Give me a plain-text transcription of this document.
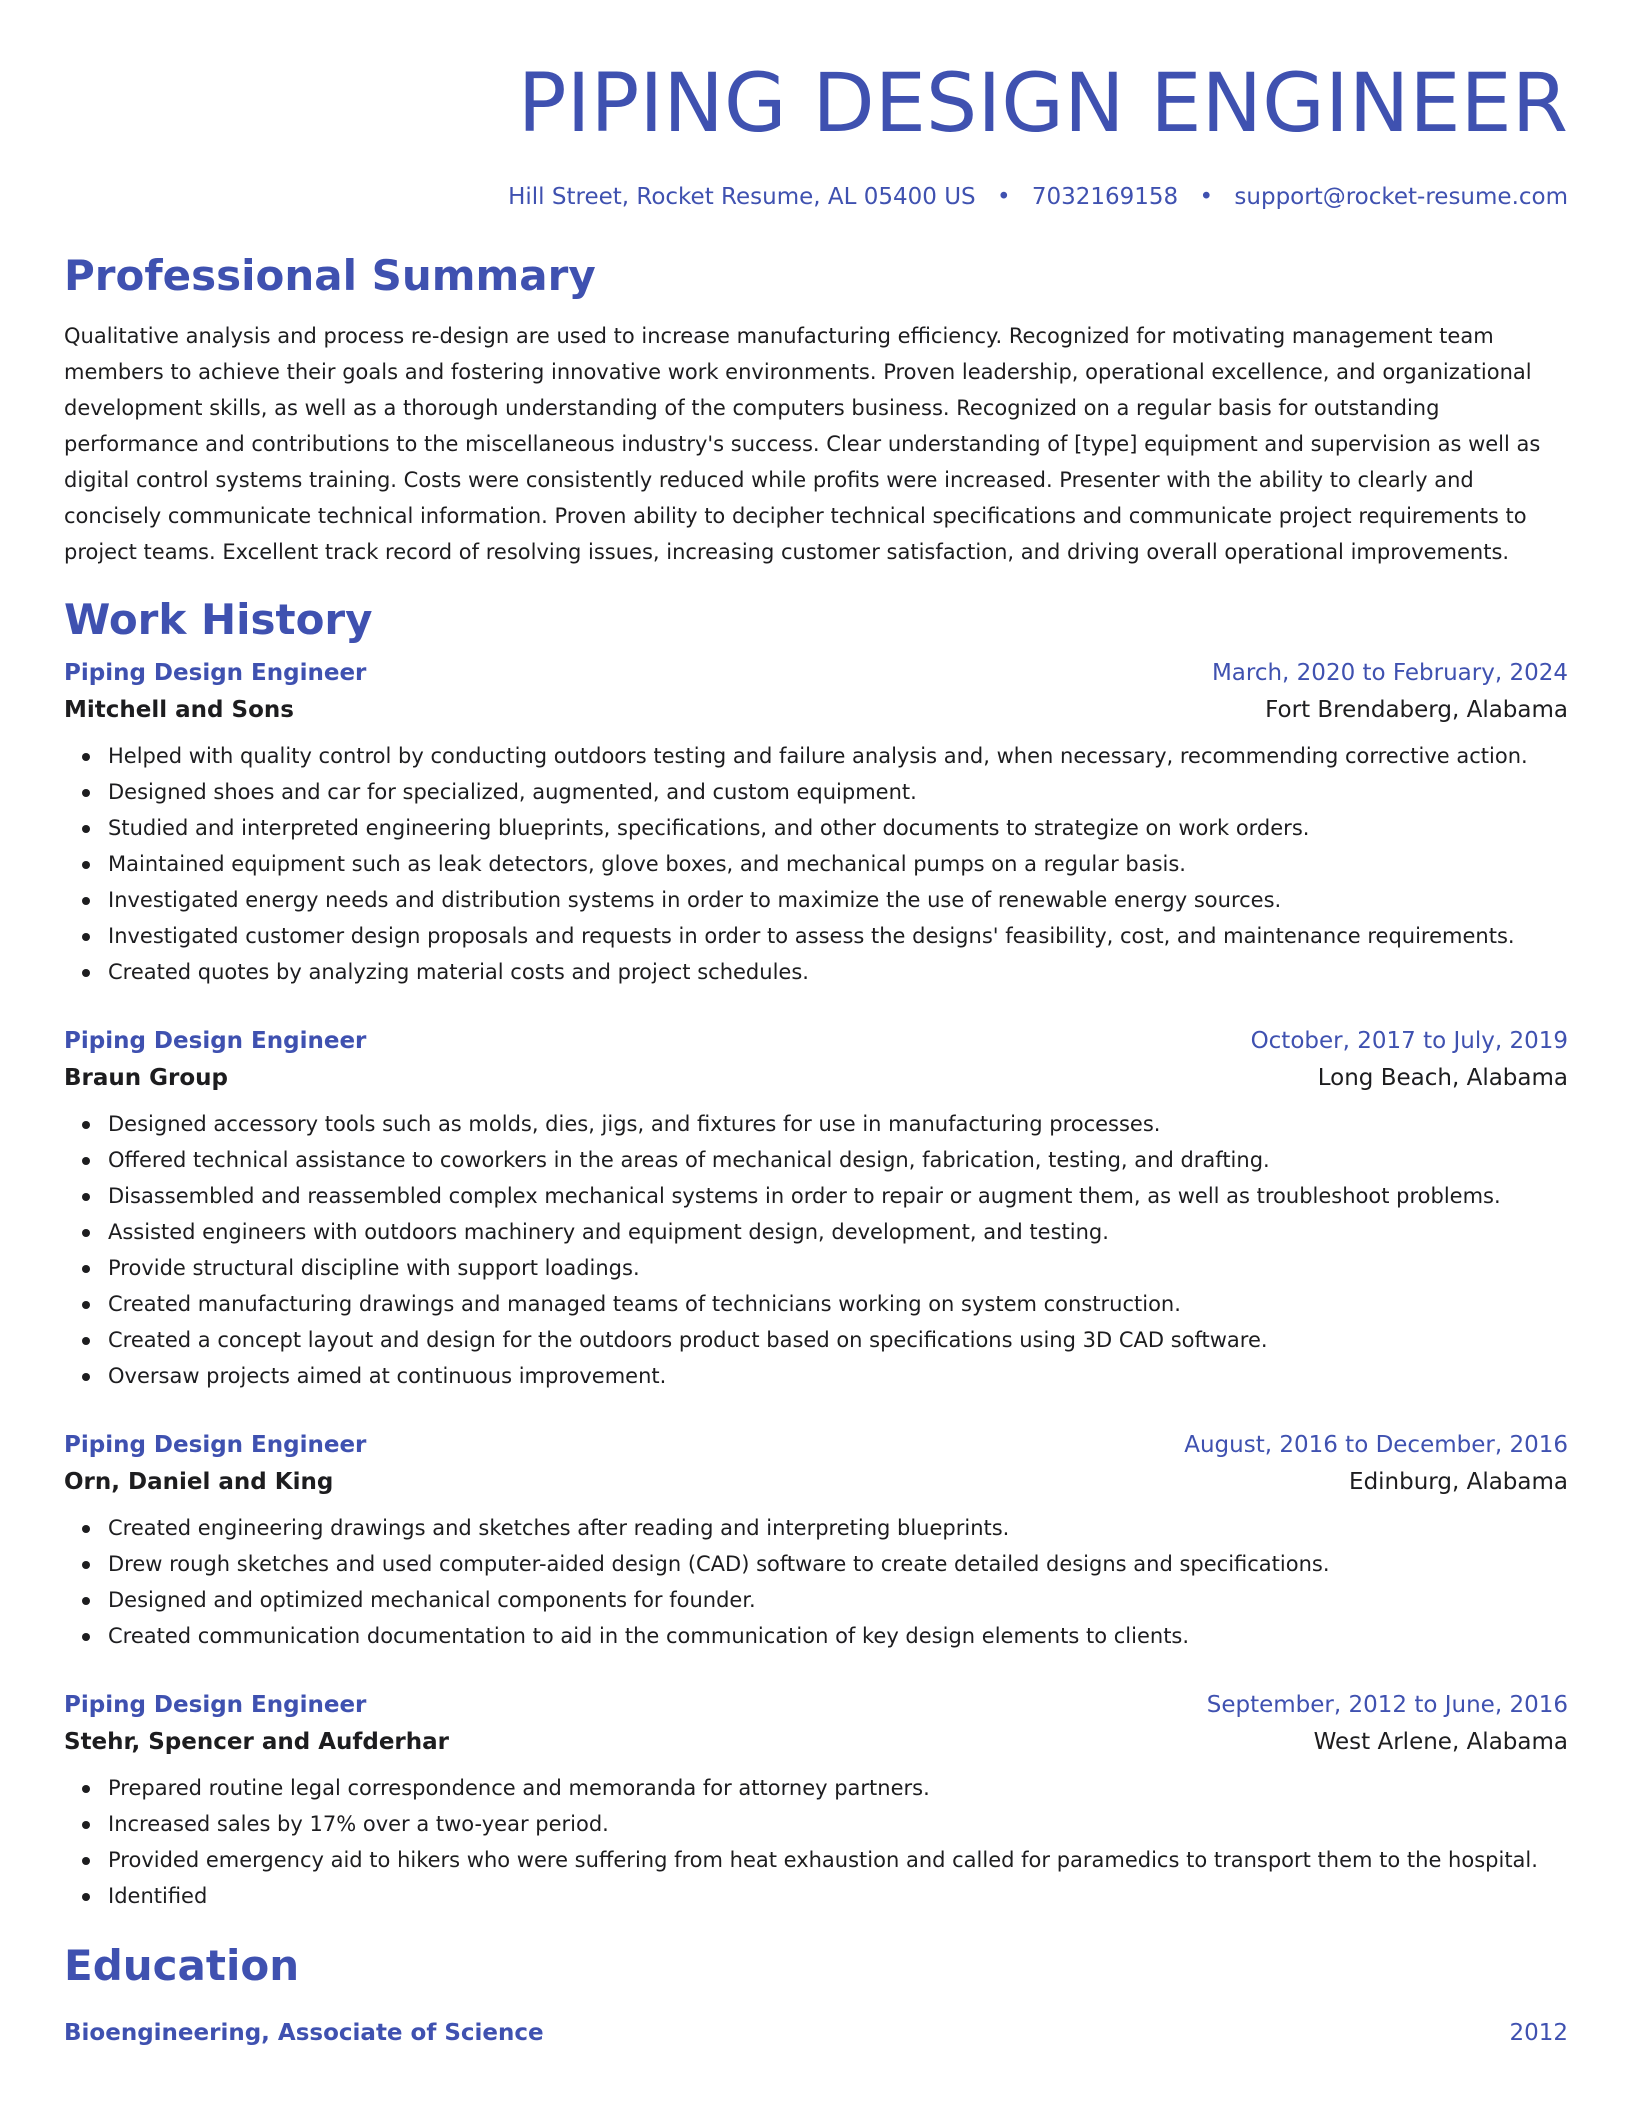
PIPING DESIGN ENGINEER
Hill Street, Rocket Resume, AL 05400 US • 7032169158 • support@rocket-resume.com
Professional Summary
Qualitative analysis and process re-design are used to increase manufacturing efficiency. Recognized for motivating management team members to achieve their goals and fostering innovative work environments. Proven leadership, operational excellence, and organizational development skills, as well as a thorough understanding of the computers business. Recognized on a regular basis for outstanding performance and contributions to the miscellaneous industry's success. Clear understanding of [type] equipment and supervision as well as digital control systems training. Costs were consistently reduced while profits were increased. Presenter with the ability to clearly and concisely communicate technical information. Proven ability to decipher technical specifications and communicate project requirements to project teams. Excellent track record of resolving issues, increasing customer satisfaction, and driving overall operational improvements.
Work History
Piping Design Engineer	March, 2020 to February, 2024
Mitchell and Sons	Fort Brendaberg, Alabama
Helped with quality control by conducting outdoors testing and failure analysis and, when necessary, recommending corrective action.
Designed shoes and car for specialized, augmented, and custom equipment.
Studied and interpreted engineering blueprints, specifications, and other documents to strategize on work orders.
Maintained equipment such as leak detectors, glove boxes, and mechanical pumps on a regular basis.
Investigated energy needs and distribution systems in order to maximize the use of renewable energy sources.
Investigated customer design proposals and requests in order to assess the designs' feasibility, cost, and maintenance requirements.
Created quotes by analyzing material costs and project schedules.
Piping Design Engineer	October, 2017 to July, 2019
Braun Group	Long Beach, Alabama
Designed accessory tools such as molds, dies, jigs, and fixtures for use in manufacturing processes.
Offered technical assistance to coworkers in the areas of mechanical design, fabrication, testing, and drafting.
Disassembled and reassembled complex mechanical systems in order to repair or augment them, as well as troubleshoot problems.
Assisted engineers with outdoors machinery and equipment design, development, and testing.
Provide structural discipline with support loadings.
Created manufacturing drawings and managed teams of technicians working on system construction.
Created a concept layout and design for the outdoors product based on specifications using 3D CAD software.
Oversaw projects aimed at continuous improvement.
Piping Design Engineer	August, 2016 to December, 2016
Orn, Daniel and King	Edinburg, Alabama
Created engineering drawings and sketches after reading and interpreting blueprints.
Drew rough sketches and used computer-aided design (CAD) software to create detailed designs and specifications.
Designed and optimized mechanical components for founder.
Created communication documentation to aid in the communication of key design elements to clients.
Piping Design Engineer	September, 2012 to June, 2016
Stehr, Spencer and Aufderhar	West Arlene, Alabama
Prepared routine legal correspondence and memoranda for attorney partners.
Increased sales by 17% over a two-year period.
Provided emergency aid to hikers who were suffering from heat exhaustion and called for paramedics to transport them to the hospital.
Identified
Education
Bioengineering, Associate of Science	2012
